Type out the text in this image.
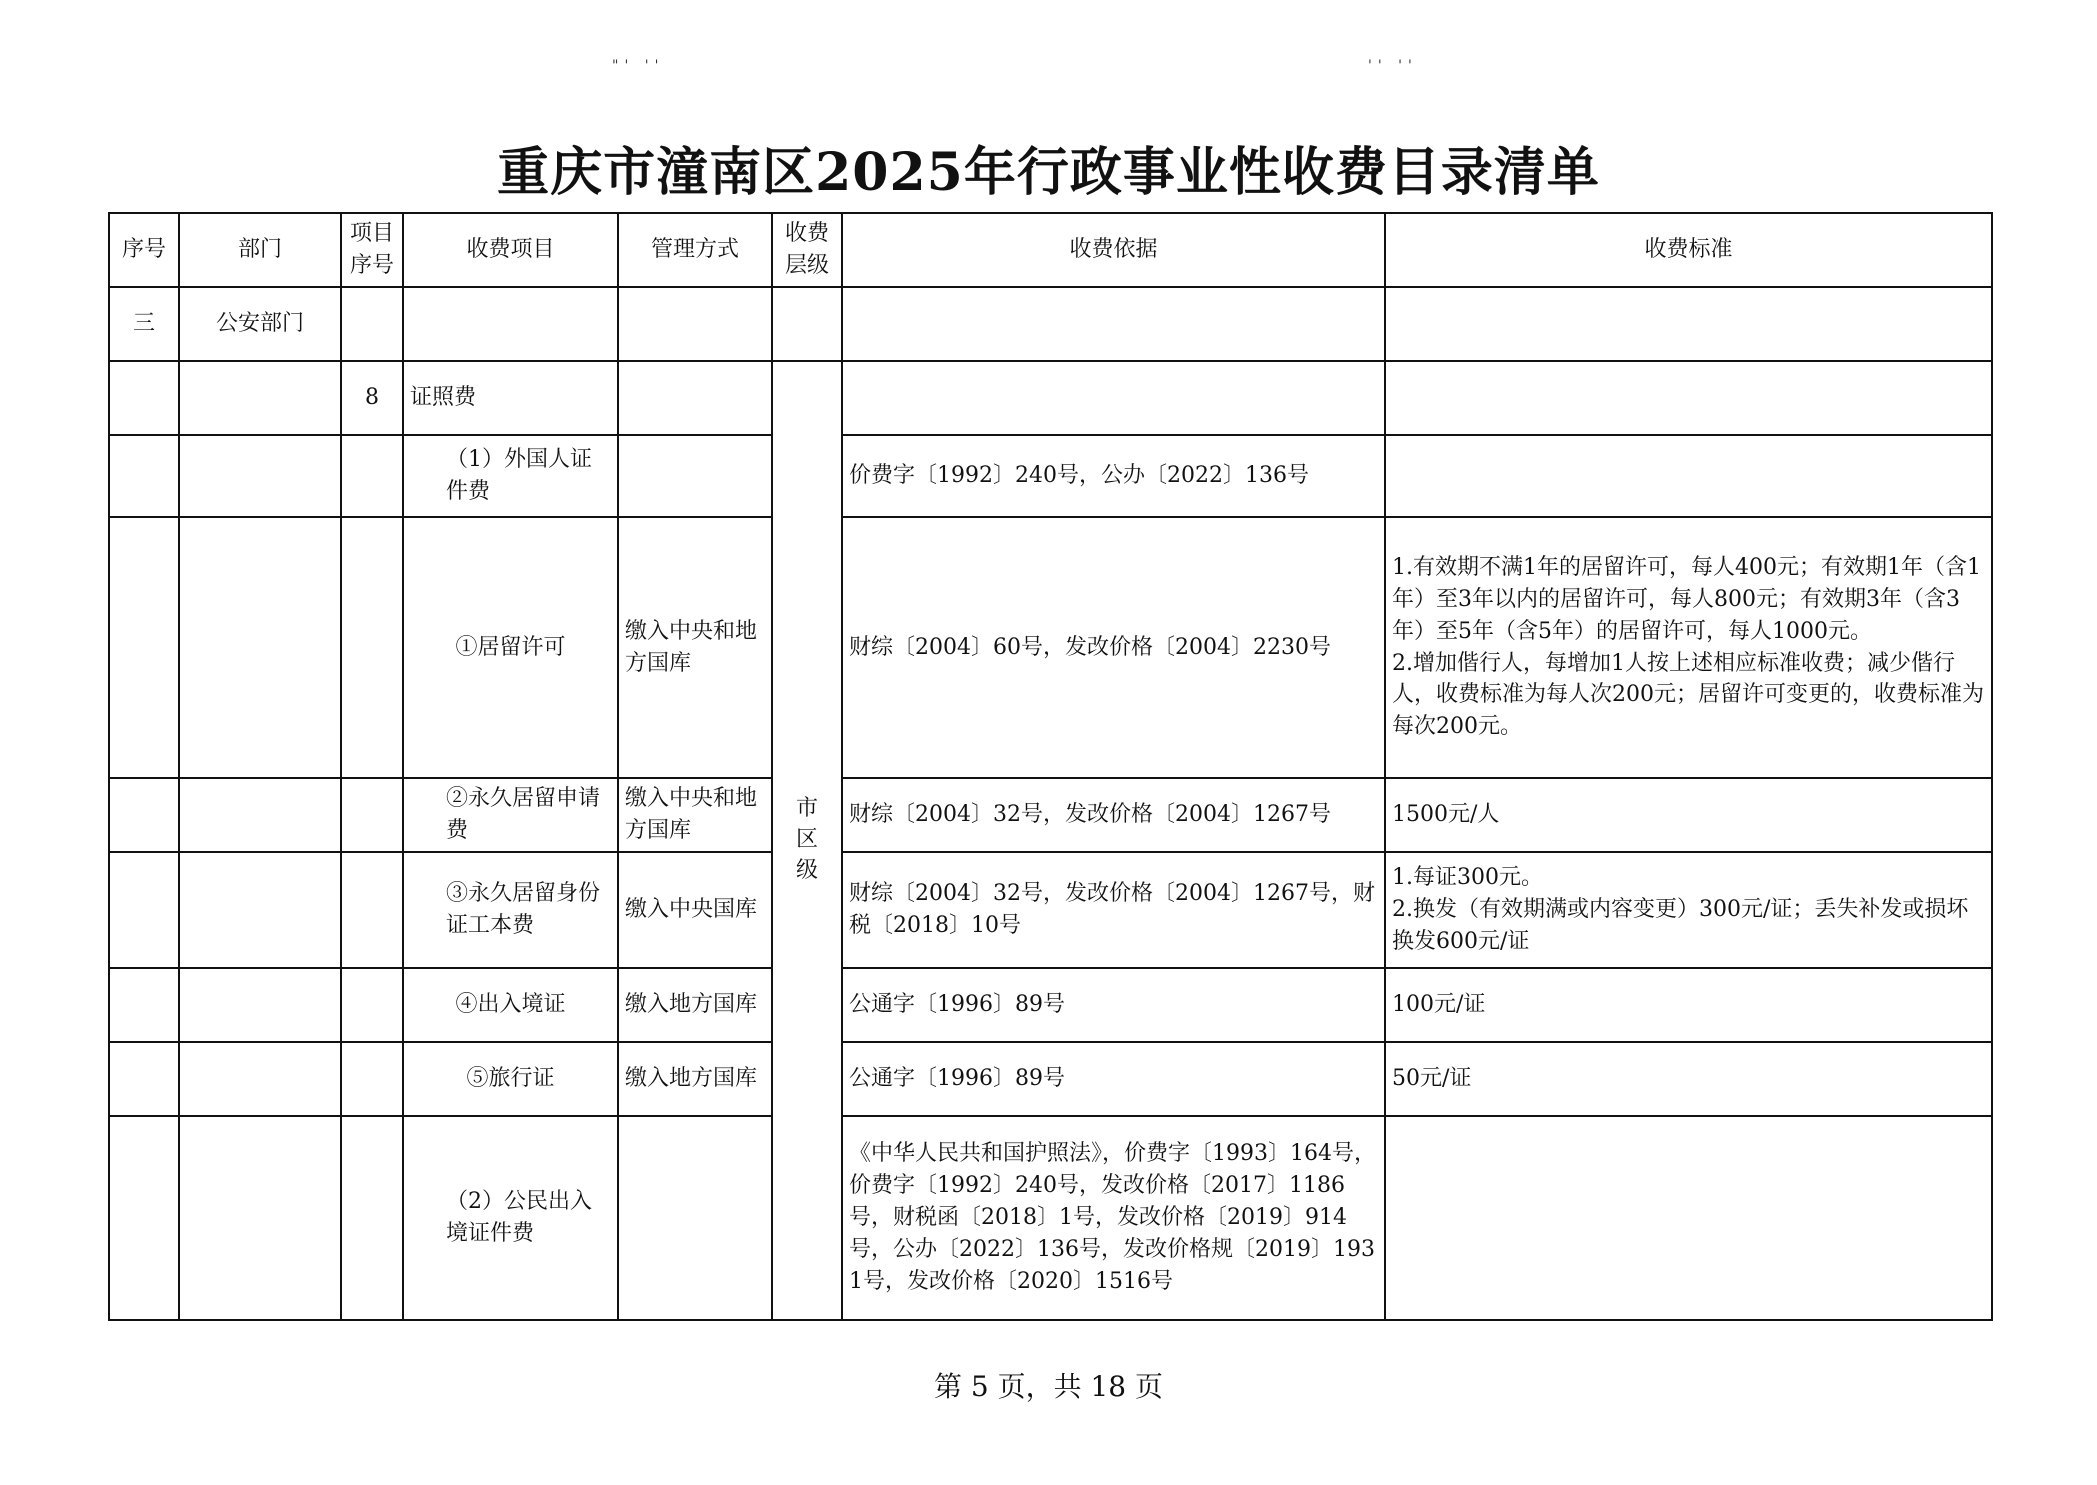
"' ''	'' ''
重庆市潼南区2025年行政事业性收费目录清单
序号	部门	项目序号	收费项目	管理方式	收费层级	收费依据	收费标准
三	公安部门						
		8	证照费		市区级		
			（1）外国人证件费			价费字〔1992〕240号，公办〔2022〕136号	
			①居留许可	缴入中央和地方国库		财综〔2004〕60号，发改价格〔2004〕2230号	1.有效期不满1年的居留许可，每人400元；有效期1年（含1年）至3年以内的居留许可，每人800元；有效期3年（含3年）至5年（含5年）的居留许可，每人1000元。
2.增加偕行人，每增加1人按上述相应标准收费；减少偕行人，收费标准为每人次200元；居留许可变更的，收费标准为每次200元。
			②永久居留申请费	缴入中央和地方国库		财综〔2004〕32号，发改价格〔2004〕1267号	1500元/人
			③永久居留身份证工本费	缴入中央国库		财综〔2004〕32号，发改价格〔2004〕1267号，财税〔2018〕10号	1.每证300元。
2.换发（有效期满或内容变更）300元/证；丢失补发或损坏换发600元/证
			④出入境证	缴入地方国库		公通字〔1996〕89号	100元/证
			⑤旅行证	缴入地方国库		公通字〔1996〕89号	50元/证
			（2）公民出入境证件费			《中华人民共和国护照法》，价费字〔1993〕164号，价费字〔1992〕240号，发改价格〔2017〕1186号，财税函〔2018〕1号，发改价格〔2019〕914号，公办〔2022〕136号，发改价格规〔2019〕1931号，发改价格〔2020〕1516号	
第 5 页，共 18 页
